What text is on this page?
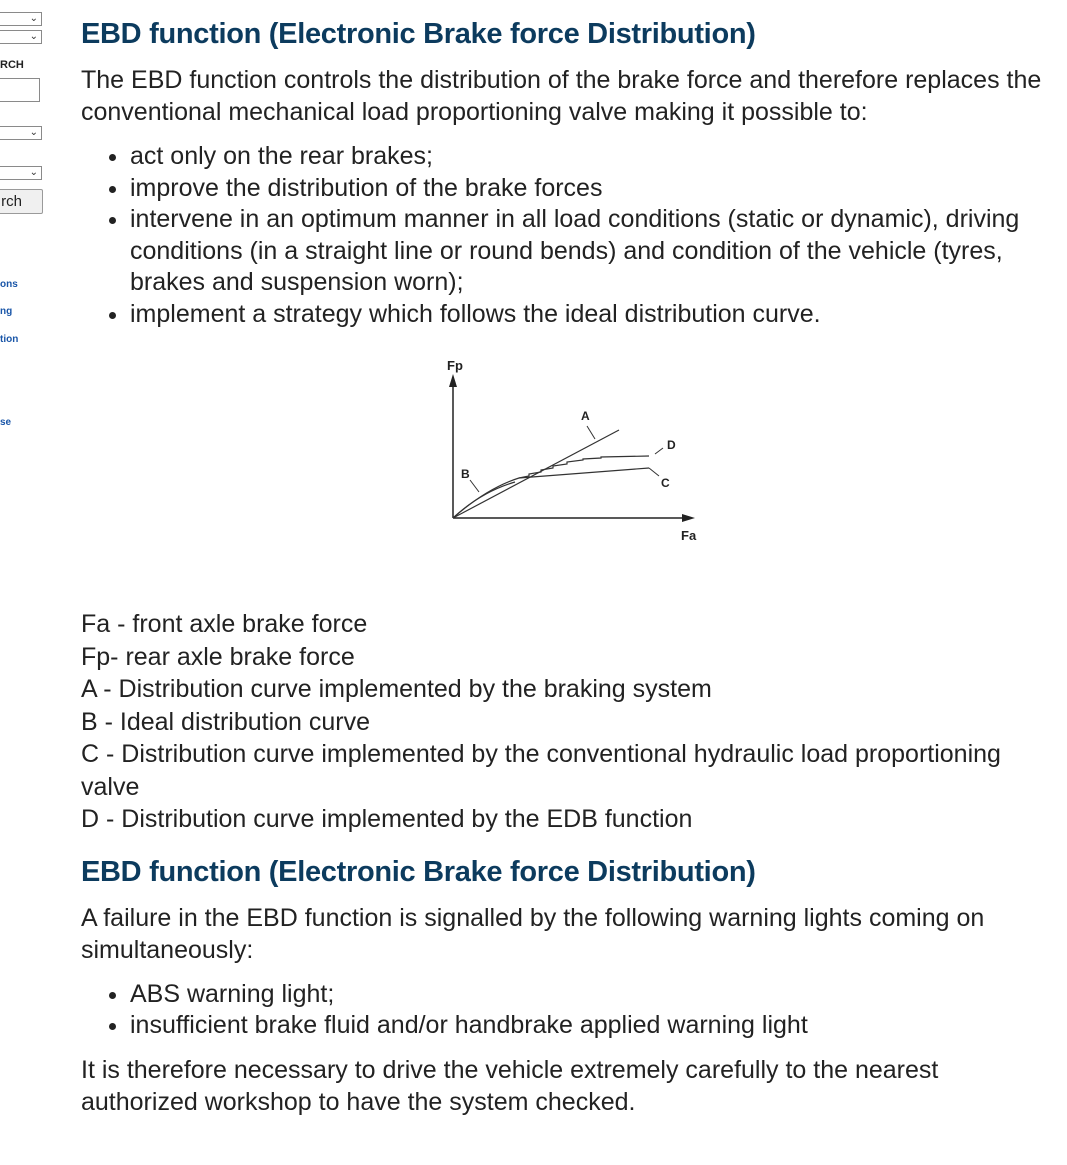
⌄
⌄
RCH
⌄
⌄
rch
ons
ng
tion
se
EBD function (Electronic Brake force Distribution)

The EBD function controls the distribution of the brake force and therefore replaces the conventional mechanical load proportioning valve making it possible to:

• act only on the rear brakes;
• improve the distribution of the brake forces
• intervene in an optimum manner in all load conditions (static or dynamic), driving conditions (in a straight line or round bends) and condition of the vehicle (tyres, brakes and suspension worn);
• implement a strategy which follows the ideal distribution curve.
Fp
Fa
A
B
C
D
Fa - front axle brake force
Fp- rear axle brake force
A - Distribution curve implemented by the braking system
B - Ideal distribution curve
C - Distribution curve implemented by the conventional hydraulic load proportioning valve
D - Distribution curve implemented by the EDB function
EBD function (Electronic Brake force Distribution)

A failure in the EBD function is signalled by the following warning lights coming on simultaneously:

• ABS warning light;
• insufficient brake fluid and/or handbrake applied warning light

It is therefore necessary to drive the vehicle extremely carefully to the nearest authorized workshop to have the system checked.
